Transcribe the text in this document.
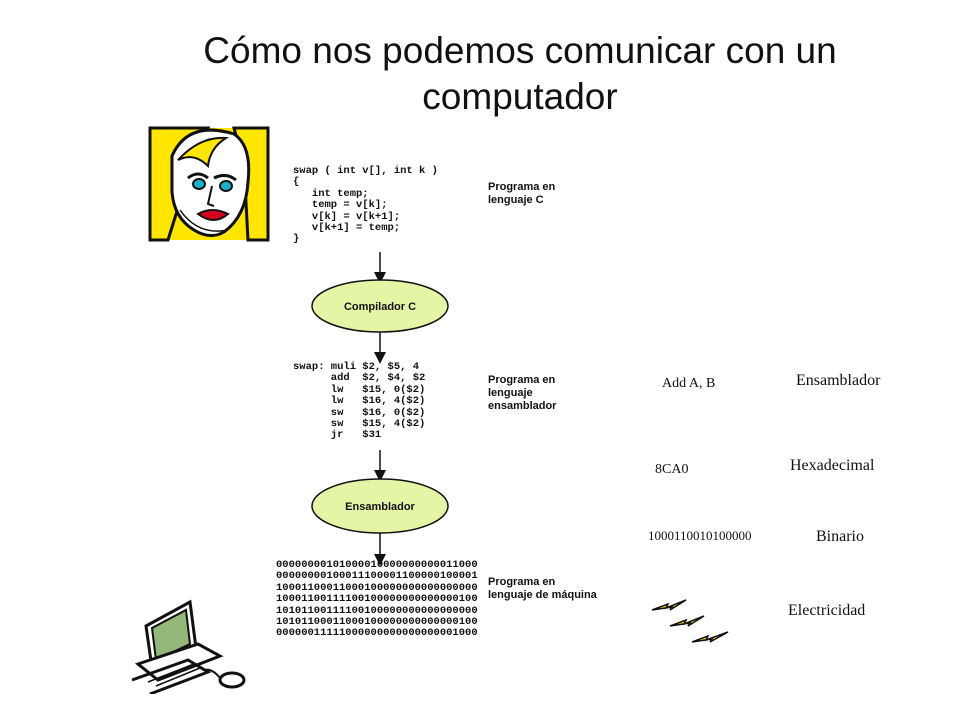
Cómo nos podemos comunicar con un computador
Compilador C
Ensamblador
swap ( int v[], int k )
{
int temp;
temp = v[k];
v[k] = v[k+1];
v[k+1] = temp;
}
Programa en
lenguaje C
swap: muli $2, $5, 4
add  $2, $4, $2
lw   $15, 0($2)
lw   $16, 4($2)
sw   $16, 0($2)
sw   $15, 4($2)
jr   $31
Programa en
lenguaje
ensamblador
00000000101000010000000000011000
00000000100011100001100000100001
10001100011000100000000000000000
10001100111100100000000000000100
10101100111100100000000000000000
10101100011000100000000000000100
00000011111000000000000000001000
Programa en
lenguaje de máquina
Add A, B	Ensamblador
8CA0	Hexadecimal
1000110010100000	Binario
Electricidad
